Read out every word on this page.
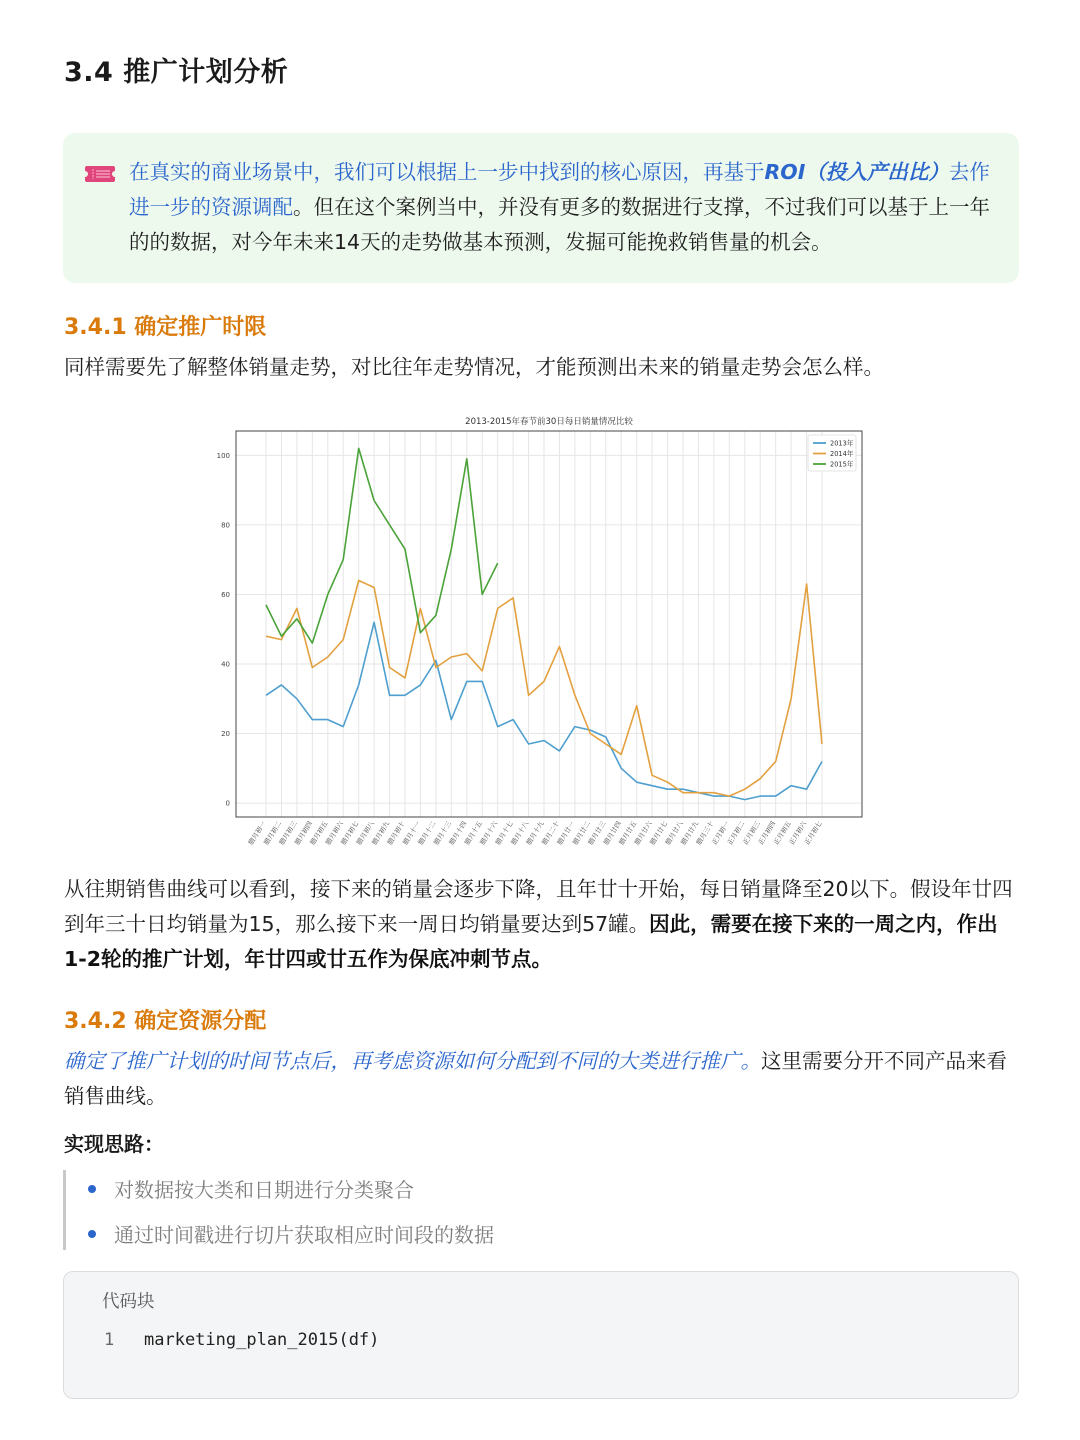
3.4 推广计划分析
在真实的商业场景中，我们可以根据上一步中找到的核心原因，再基于ROI（投入产出比）去作进一步的资源调配。但在这个案例当中，并没有更多的数据进行支撑，不过我们可以基于上一年的的数据，对今年未来14天的走势做基本预测，发掘可能挽救销售量的机会。
3.4.1 确定推广时限

同样需要先了解整体销量走势，对比往年走势情况，才能预测出未来的销量走势会怎么样。

2013-2015年春节前30日每日销量情况比较
0
20
40
60
80
100
腊月初一
腊月初二
腊月初三
腊月初四
腊月初五
腊月初六
腊月初七
腊月初八
腊月初九
腊月初十
腊月十一
腊月十二
腊月十三
腊月十四
腊月十五
腊月十六
腊月十七
腊月十八
腊月十九
腊月二十
腊月廿一
腊月廿二
腊月廿三
腊月廿四
腊月廿五
腊月廿六
腊月廿七
腊月廿八
腊月廿九
腊月三十
正月初一
正月初二
正月初三
正月初四
正月初五
正月初六
正月初七
2013年
2014年
2015年

从往期销售曲线可以看到，接下来的销量会逐步下降，且年廿十开始，每日销量降至20以下。假设年廿四到年三十日均销量为15，那么接下来一周日均销量要达到57罐。因此，需要在接下来的一周之内，作出1-2轮的推广计划，年廿四或廿五作为保底冲刺节点。

3.4.2 确定资源分配

确定了推广计划的时间节点后，再考虑资源如何分配到不同的大类进行推广。这里需要分开不同产品来看销售曲线。

实现思路：
对数据按大类和日期进行分类聚合
通过时间戳进行切片获取相应时间段的数据
代码块
1 marketing_plan_2015(df)
